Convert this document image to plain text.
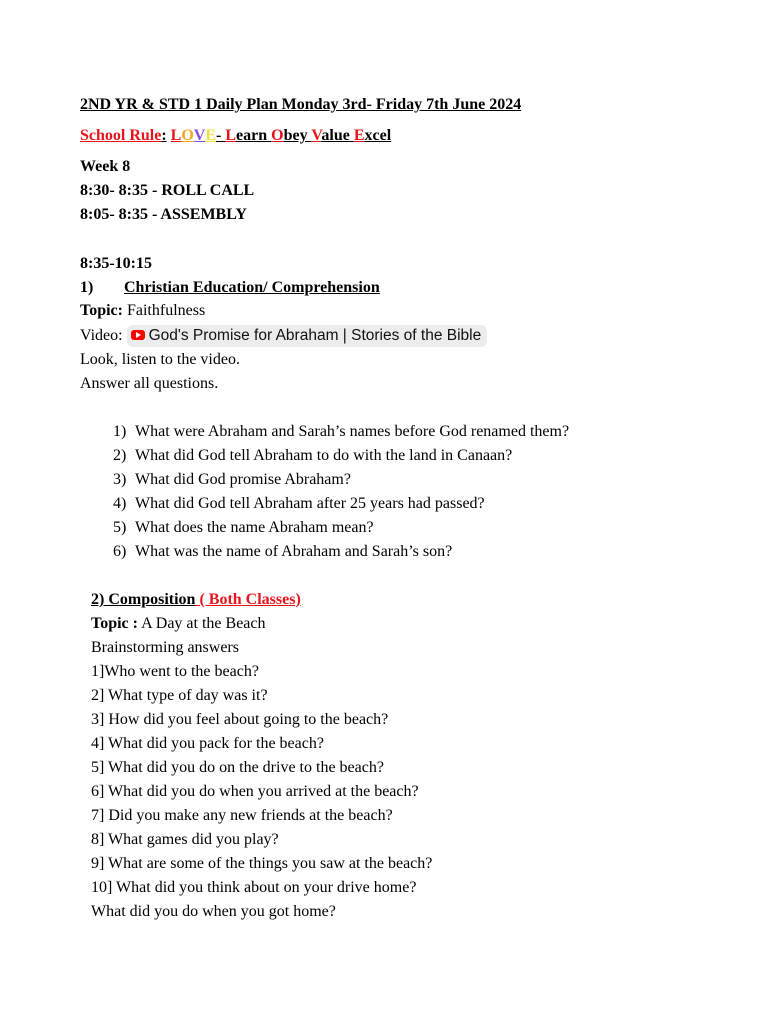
2ND YR & STD 1 Daily Plan Monday 3rd- Friday 7th June 2024
School Rule: LOVE- Learn Obey Value Excel
Week 8
8:30- 8:35 - ROLL CALL
8:05- 8:35 - ASSEMBLY
8:35-10:15
1) Christian Education/ Comprehension
Topic: Faithfulness
Video: God's Promise for Abraham | Stories of the Bible
Look, listen to the video.
Answer all questions.
1) What were Abraham and Sarah’s names before God renamed them?
2) What did God tell Abraham to do with the land in Canaan?
3) What did God promise Abraham?
4) What did God tell Abraham after 25 years had passed?
5) What does the name Abraham mean?
6) What was the name of Abraham and Sarah’s son?
2) Composition ( Both Classes)
Topic : A Day at the Beach
Brainstorming answers
1]Who went to the beach?
2] What type of day was it?
3] How did you feel about going to the beach?
4] What did you pack for the beach?
5] What did you do on the drive to the beach?
6] What did you do when you arrived at the beach?
7] Did you make any new friends at the beach?
8] What games did you play?
9] What are some of the things you saw at the beach?
10] What did you think about on your drive home?
What did you do when you got home?
